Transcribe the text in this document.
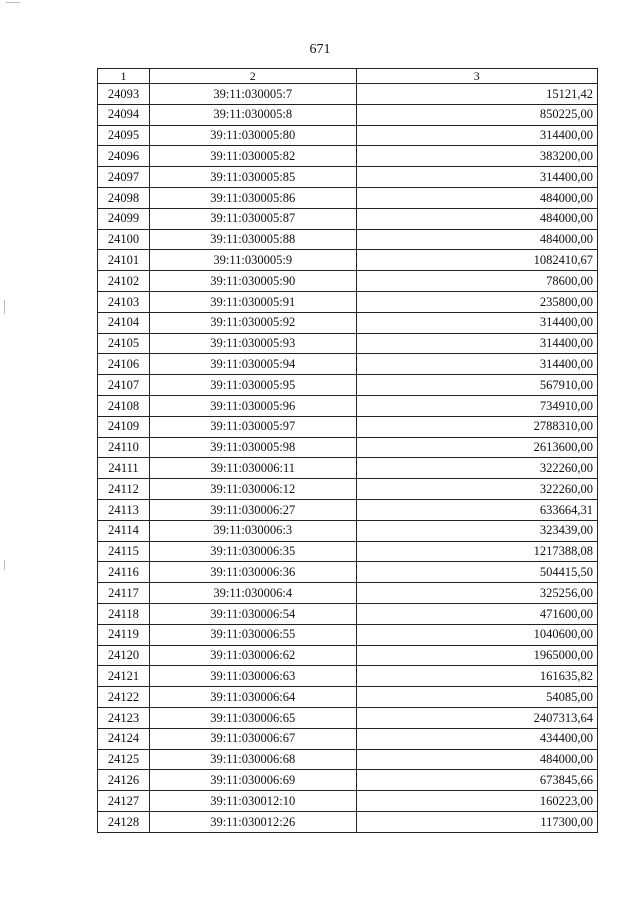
671
1	2	3
24093	39:11:030005:7	15121,42
24094	39:11:030005:8	850225,00
24095	39:11:030005:80	314400,00
24096	39:11:030005:82	383200,00
24097	39:11:030005:85	314400,00
24098	39:11:030005:86	484000,00
24099	39:11:030005:87	484000,00
24100	39:11:030005:88	484000,00
24101	39:11:030005:9	1082410,67
24102	39:11:030005:90	78600,00
24103	39:11:030005:91	235800,00
24104	39:11:030005:92	314400,00
24105	39:11:030005:93	314400,00
24106	39:11:030005:94	314400,00
24107	39:11:030005:95	567910,00
24108	39:11:030005:96	734910,00
24109	39:11:030005:97	2788310,00
24110	39:11:030005:98	2613600,00
24111	39:11:030006:11	322260,00
24112	39:11:030006:12	322260,00
24113	39:11:030006:27	633664,31
24114	39:11:030006:3	323439,00
24115	39:11:030006:35	1217388,08
24116	39:11:030006:36	504415,50
24117	39:11:030006:4	325256,00
24118	39:11:030006:54	471600,00
24119	39:11:030006:55	1040600,00
24120	39:11:030006:62	1965000,00
24121	39:11:030006:63	161635,82
24122	39:11:030006:64	54085,00
24123	39:11:030006:65	2407313,64
24124	39:11:030006:67	434400,00
24125	39:11:030006:68	484000,00
24126	39:11:030006:69	673845,66
24127	39:11:030012:10	160223,00
24128	39:11:030012:26	117300,00
